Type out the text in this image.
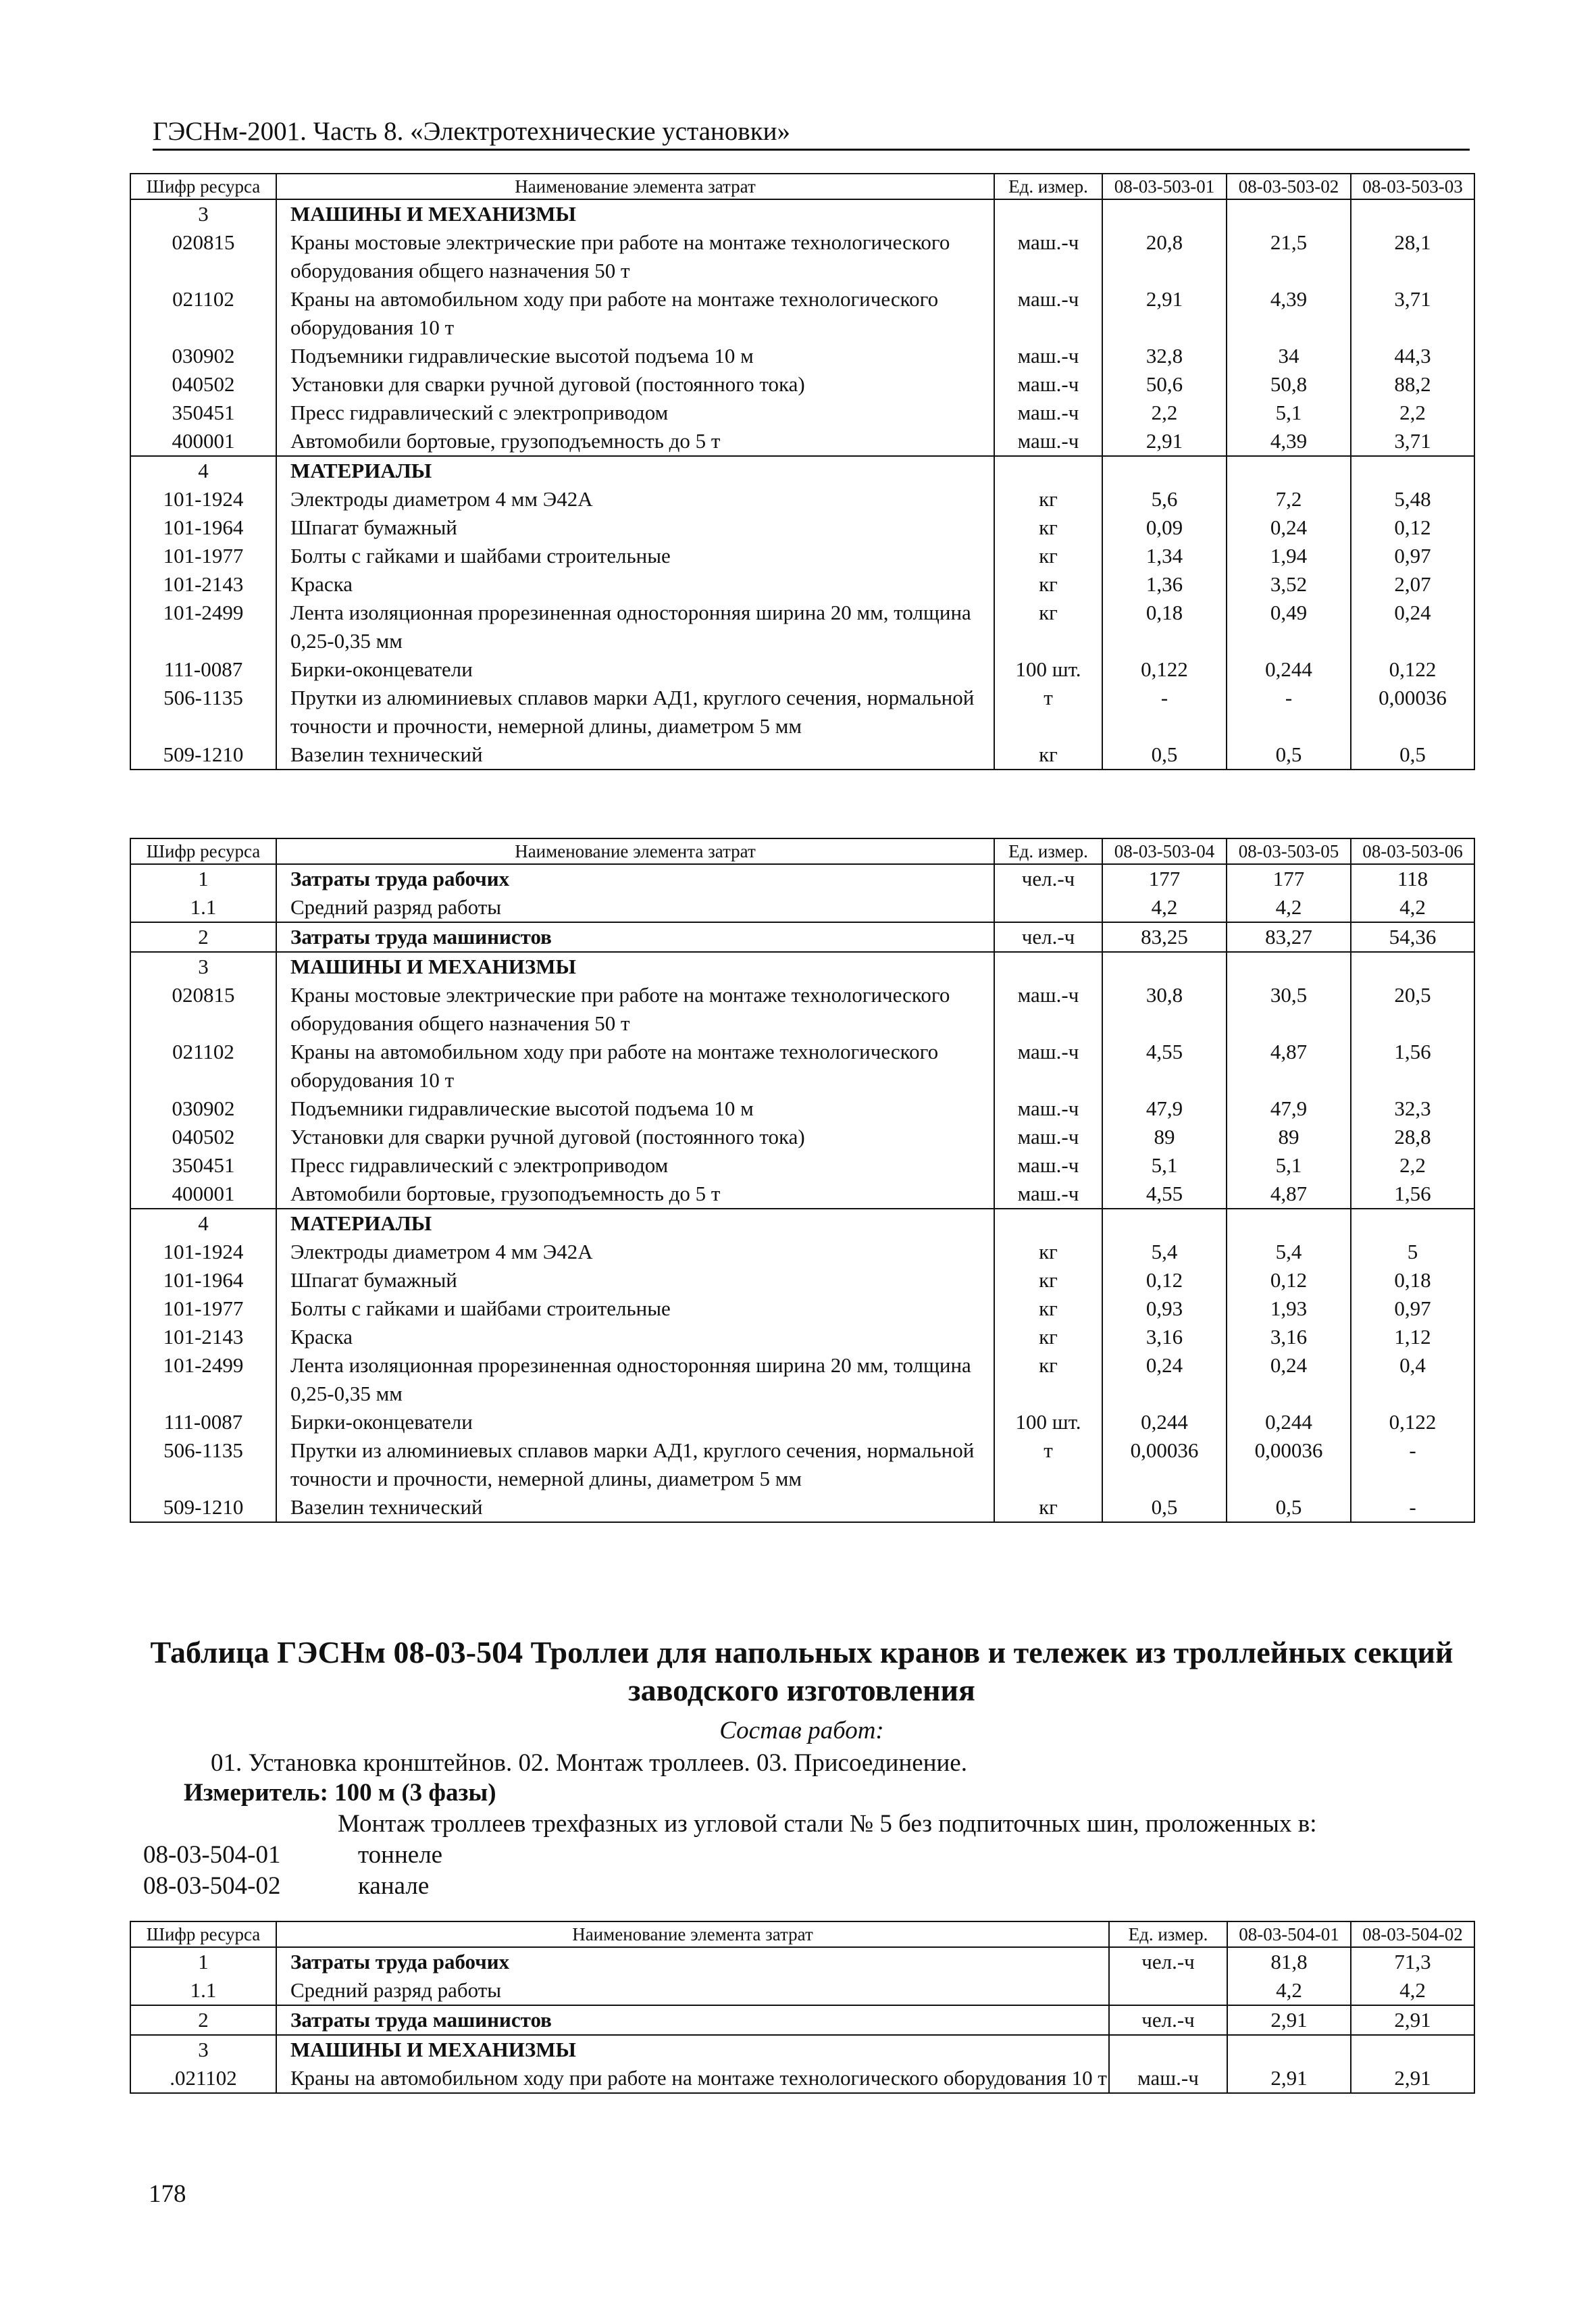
ГЭСНм-2001. Часть 8. «Электротехнические установки»
Шифр ресурса	Наименование элемента затрат	Ед. измер.	08-03-503-01	08-03-503-02	08-03-503-03
3	МАШИНЫ И МЕХАНИЗМЫ				
020815	Краны мостовые электрические при работе на монтаже технологического оборудования общего назначения 50 т	маш.-ч	20,8	21,5	28,1
021102	Краны на автомобильном ходу при работе на монтаже технологического оборудования 10 т	маш.-ч	2,91	4,39	3,71
030902	Подъемники гидравлические высотой подъема 10 м	маш.-ч	32,8	34	44,3
040502	Установки для сварки ручной дуговой (постоянного тока)	маш.-ч	50,6	50,8	88,2
350451	Пресс гидравлический с электроприводом	маш.-ч	2,2	5,1	2,2
400001	Автомобили бортовые, грузоподъемность до 5 т	маш.-ч	2,91	4,39	3,71
4	МАТЕРИАЛЫ				
101-1924	Электроды диаметром 4 мм Э42А	кг	5,6	7,2	5,48
101-1964	Шпагат бумажный	кг	0,09	0,24	0,12
101-1977	Болты с гайками и шайбами строительные	кг	1,34	1,94	0,97
101-2143	Краска	кг	1,36	3,52	2,07
101-2499	Лента изоляционная прорезиненная односторонняя ширина 20 мм, толщина 0,25-0,35 мм	кг	0,18	0,49	0,24
111-0087	Бирки-оконцеватели	100 шт.	0,122	0,244	0,122
506-1135	Прутки из алюминиевых сплавов марки АД1, круглого сечения, нормальной точности и прочности, немерной длины, диаметром 5 мм	т	-	-	0,00036
509-1210	Вазелин технический	кг	0,5	0,5	0,5
Шифр ресурса	Наименование элемента затрат	Ед. измер.	08-03-503-04	08-03-503-05	08-03-503-06
1	Затраты труда рабочих	чел.-ч	177	177	118
1.1	Средний разряд работы		4,2	4,2	4,2
2	Затраты труда машинистов	чел.-ч	83,25	83,27	54,36
3	МАШИНЫ И МЕХАНИЗМЫ				
020815	Краны мостовые электрические при работе на монтаже технологического оборудования общего назначения 50 т	маш.-ч	30,8	30,5	20,5
021102	Краны на автомобильном ходу при работе на монтаже технологического оборудования 10 т	маш.-ч	4,55	4,87	1,56
030902	Подъемники гидравлические высотой подъема 10 м	маш.-ч	47,9	47,9	32,3
040502	Установки для сварки ручной дуговой (постоянного тока)	маш.-ч	89	89	28,8
350451	Пресс гидравлический с электроприводом	маш.-ч	5,1	5,1	2,2
400001	Автомобили бортовые, грузоподъемность до 5 т	маш.-ч	4,55	4,87	1,56
4	МАТЕРИАЛЫ				
101-1924	Электроды диаметром 4 мм Э42А	кг	5,4	5,4	5
101-1964	Шпагат бумажный	кг	0,12	0,12	0,18
101-1977	Болты с гайками и шайбами строительные	кг	0,93	1,93	0,97
101-2143	Краска	кг	3,16	3,16	1,12
101-2499	Лента изоляционная прорезиненная односторонняя ширина 20 мм, толщина 0,25-0,35 мм	кг	0,24	0,24	0,4
111-0087	Бирки-оконцеватели	100 шт.	0,244	0,244	0,122
506-1135	Прутки из алюминиевых сплавов марки АД1, круглого сечения, нормальной точности и прочности, немерной длины, диаметром 5 мм	т	0,00036	0,00036	-
509-1210	Вазелин технический	кг	0,5	0,5	-
Таблица ГЭСНм 08-03-504 Троллеи для напольных кранов и тележек из троллейных секций заводского изготовления
Состав работ:
01. Установка кронштейнов. 02. Монтаж троллеев. 03. Присоединение.
Измеритель: 100 м (3 фазы)
Монтаж троллеев трехфазных из угловой стали № 5 без подпиточных шин, проложенных в:
08-03-504-01	тоннеле
08-03-504-02	канале
Шифр ресурса	Наименование элемента затрат	Ед. измер.	08-03-504-01	08-03-504-02
1	Затраты труда рабочих	чел.-ч	81,8	71,3
1.1	Средний разряд работы		4,2	4,2
2	Затраты труда машинистов	чел.-ч	2,91	2,91
3	МАШИНЫ И МЕХАНИЗМЫ			
.021102	Краны на автомобильном ходу при работе на монтаже технологического оборудования 10 т	маш.-ч	2,91	2,91
178
